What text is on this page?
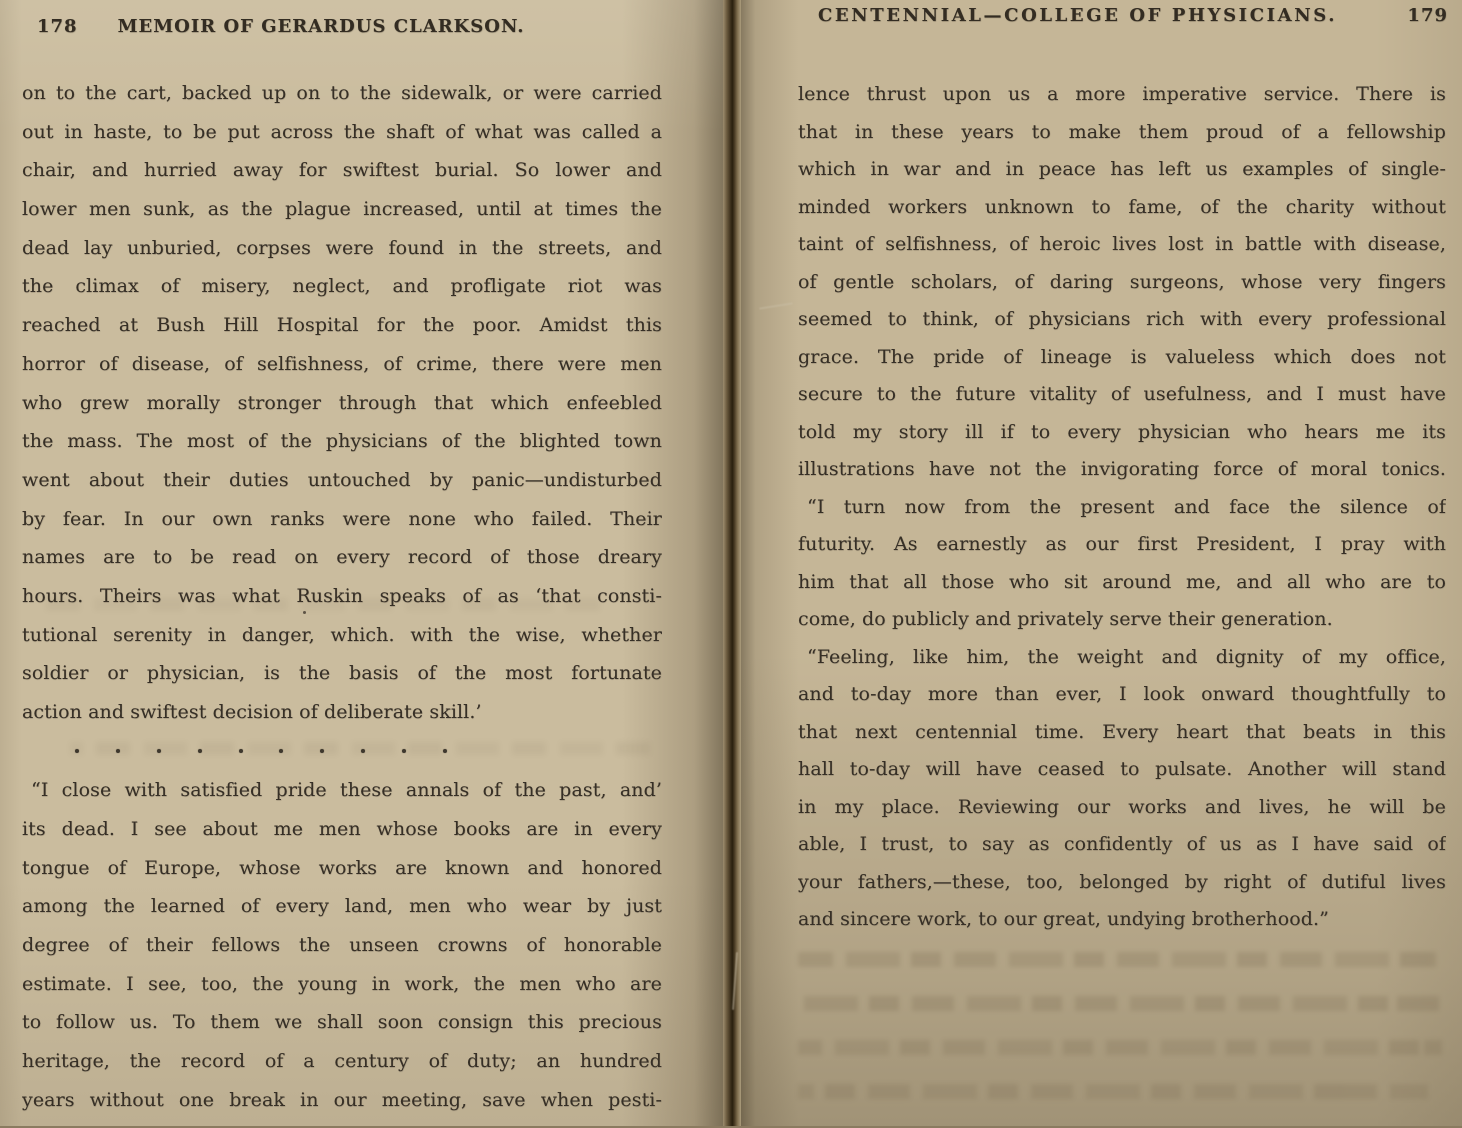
178 MEMOIR OF GERARDUS CLARKSON.
on to the cart, backed up on to the sidewalk, or were carried
out in haste, to be put across the shaft of what was called a
chair, and hurried away for swiftest burial. So lower and
lower men sunk, as the plague increased, until at times the
dead lay unburied, corpses were found in the streets, and
the climax of misery, neglect, and profligate riot was
reached at Bush Hill Hospital for the poor. Amidst this
horror of disease, of selfishness, of crime, there were men
who grew morally stronger through that which enfeebled
the mass. The most of the physicians of the blighted town
went about their duties untouched by panic—undisturbed
by fear. In our own ranks were none who failed. Their
names are to be read on every record of those dreary
hours. Theirs was what Ruskin speaks of as ‘that consti-
tutional serenity in danger, which. with the wise, whether
soldier or physician, is the basis of the most fortunate
action and swiftest decision of deliberate skill.’
“I close with satisfied pride these annals of the past, and’
its dead. I see about me men whose books are in every
tongue of Europe, whose works are known and honored
among the learned of every land, men who wear by just
degree of their fellows the unseen crowns of honorable
estimate. I see, too, the young in work, the men who are
to follow us. To them we shall soon consign this precious
heritage, the record of a century of duty; an hundred
years without one break in our meeting, save when pesti-
CENTENNIAL—COLLEGE OF PHYSICIANS.	179
lence thrust upon us a more imperative service. There is
that in these years to make them proud of a fellowship
which in war and in peace has left us examples of single-
minded workers unknown to fame, of the charity without
taint of selfishness, of heroic lives lost in battle with disease,
of gentle scholars, of daring surgeons, whose very fingers
seemed to think, of physicians rich with every professional
grace. The pride of lineage is valueless which does not
secure to the future vitality of usefulness, and I must have
told my story ill if to every physician who hears me its
illustrations have not the invigorating force of moral tonics.
“I turn now from the present and face the silence of
futurity. As earnestly as our first President, I pray with
him that all those who sit around me, and all who are to
come, do publicly and privately serve their generation.
“Feeling, like him, the weight and dignity of my office,
and to-day more than ever, I look onward thoughtfully to
that next centennial time. Every heart that beats in this
hall to-day will have ceased to pulsate. Another will stand
in my place. Reviewing our works and lives, he will be
able, I trust, to say as confidently of us as I have said of
your fathers,—these, too, belonged by right of dutiful lives
and sincere work, to our great, undying brotherhood.”
